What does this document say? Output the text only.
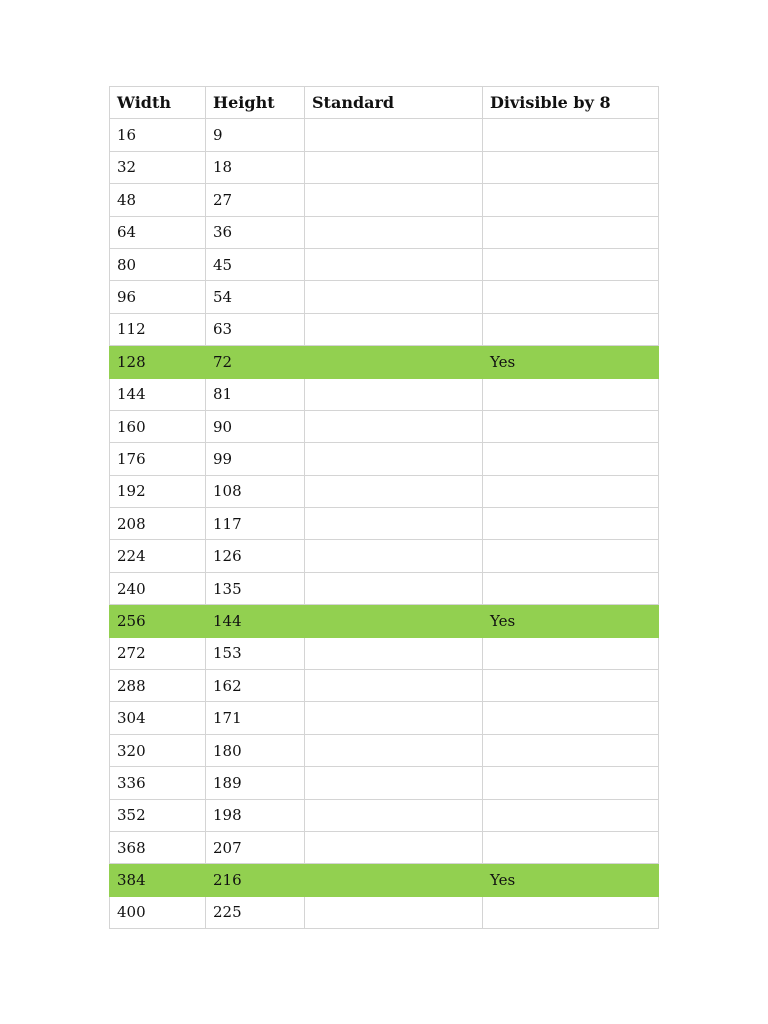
Width	Height	Standard	Divisible by 8
16	9		
32	18		
48	27		
64	36		
80	45		
96	54		
112	63		
128	72		Yes
144	81		
160	90		
176	99		
192	108		
208	117		
224	126		
240	135		
256	144		Yes
272	153		
288	162		
304	171		
320	180		
336	189		
352	198		
368	207		
384	216		Yes
400	225		
